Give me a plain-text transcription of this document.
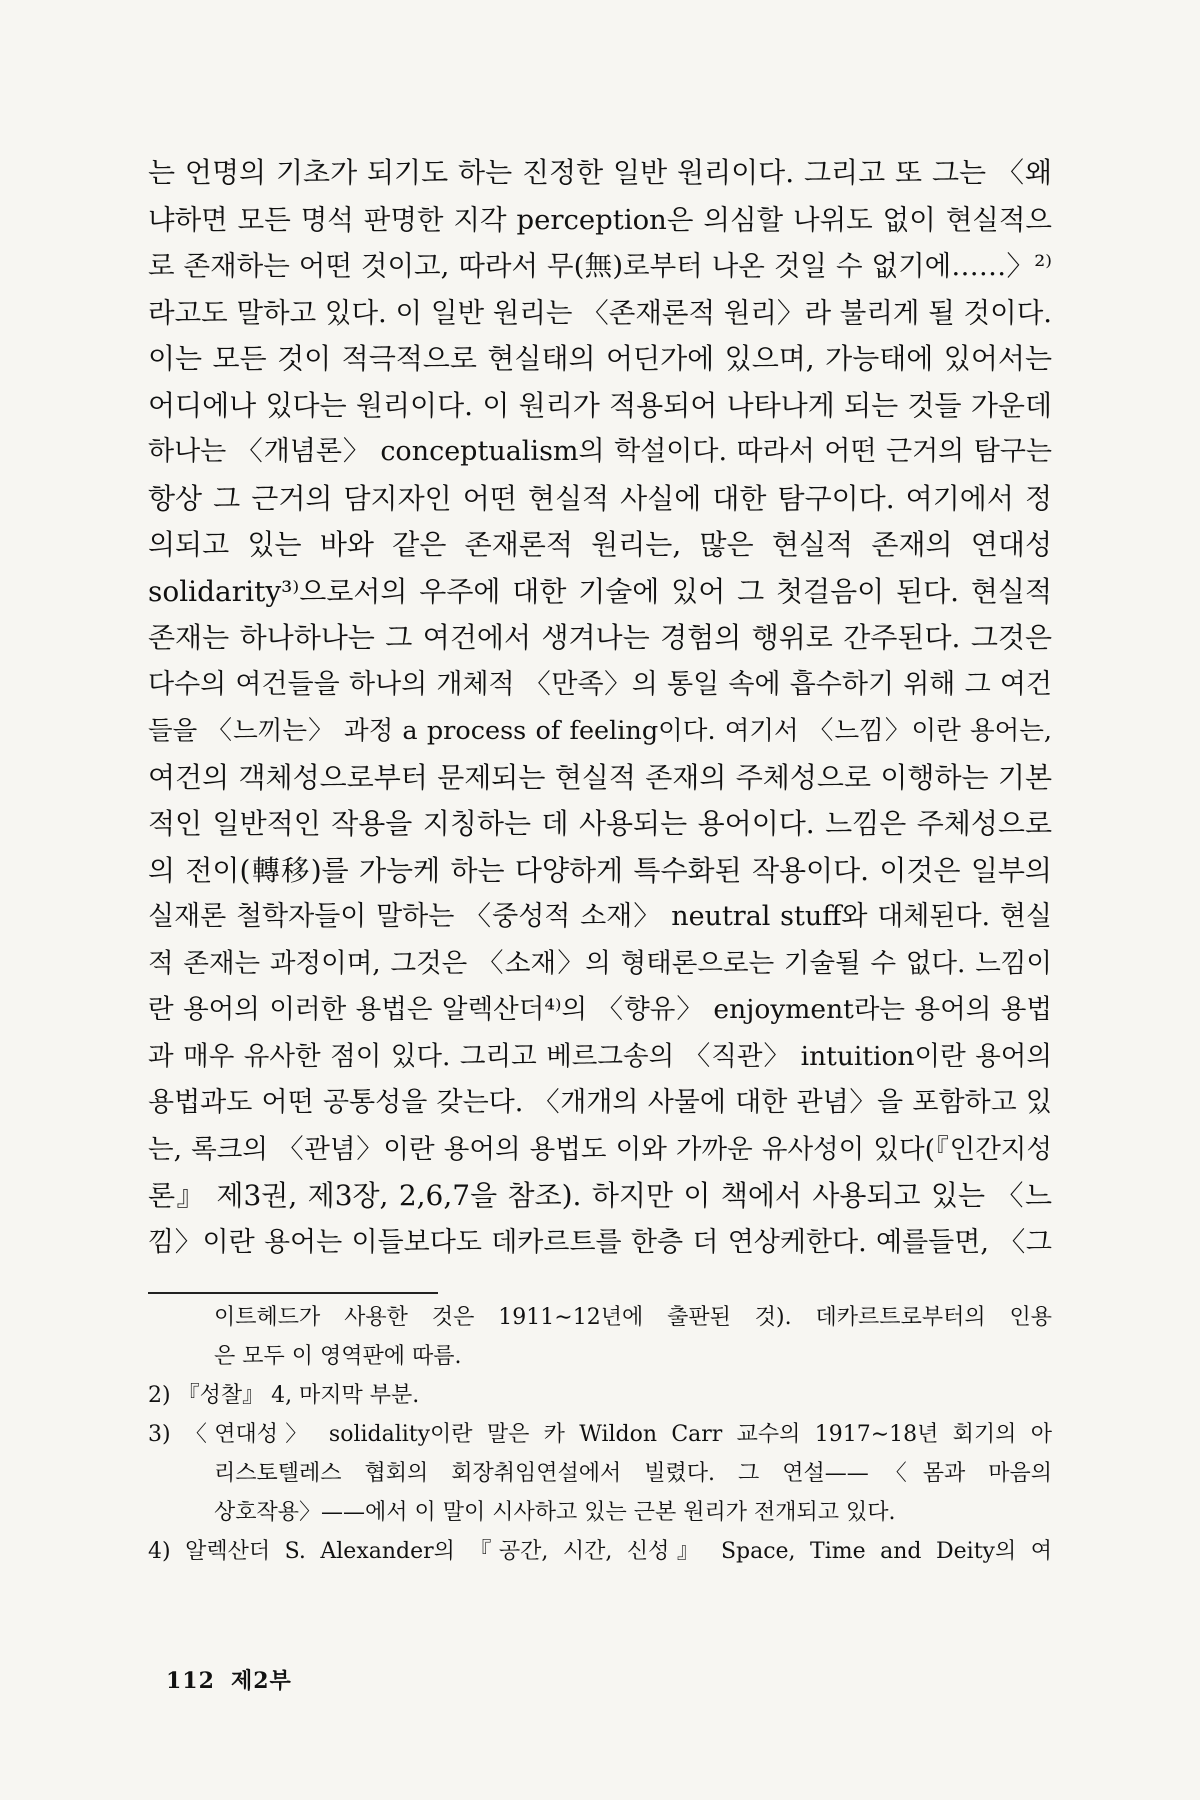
는 언명의 기초가 되기도 하는 진정한 일반 원리이다. 그리고 또 그는 〈왜
냐하면 모든 명석 판명한 지각 perception은 의심할 나위도 없이 현실적으
로 존재하는 어떤 것이고, 따라서 무(無)로부터 나온 것일 수 없기에……〉²⁾
라고도 말하고 있다. 이 일반 원리는 〈존재론적 원리〉라 불리게 될 것이다.
이는 모든 것이 적극적으로 현실태의 어딘가에 있으며, 가능태에 있어서는
어디에나 있다는 원리이다. 이 원리가 적용되어 나타나게 되는 것들 가운데
하나는 〈개념론〉 conceptualism의 학설이다. 따라서 어떤 근거의 탐구는
항상 그 근거의 담지자인 어떤 현실적 사실에 대한 탐구이다. 여기에서 정
의되고 있는 바와 같은 존재론적 원리는, 많은 현실적 존재의 연대성
solidarity³⁾으로서의 우주에 대한 기술에 있어 그 첫걸음이 된다. 현실적
존재는 하나하나는 그 여건에서 생겨나는 경험의 행위로 간주된다. 그것은
다수의 여건들을 하나의 개체적 〈만족〉의 통일 속에 흡수하기 위해 그 여건
들을 〈느끼는〉 과정 a process of feeling이다. 여기서 〈느낌〉이란 용어는,
여건의 객체성으로부터 문제되는 현실적 존재의 주체성으로 이행하는 기본
적인 일반적인 작용을 지칭하는 데 사용되는 용어이다. 느낌은 주체성으로
의 전이(轉移)를 가능케 하는 다양하게 특수화된 작용이다. 이것은 일부의
실재론 철학자들이 말하는 〈중성적 소재〉 neutral stuff와 대체된다. 현실
적 존재는 과정이며, 그것은 〈소재〉의 형태론으로는 기술될 수 없다. 느낌이
란 용어의 이러한 용법은 알렉산더⁴⁾의 〈향유〉 enjoyment라는 용어의 용법
과 매우 유사한 점이 있다. 그리고 베르그송의 〈직관〉 intuition이란 용어의
용법과도 어떤 공통성을 갖는다. 〈개개의 사물에 대한 관념〉을 포함하고 있
는, 록크의 〈관념〉이란 용어의 용법도 이와 가까운 유사성이 있다(『인간지성
론』 제3권, 제3장, 2,6,7을 참조). 하지만 이 책에서 사용되고 있는 〈느
낌〉이란 용어는 이들보다도 데카르트를 한층 더 연상케한다. 예를들면, 〈그
이트헤드가 사용한 것은 1911∼12년에 출판된 것). 데카르트로부터의 인용
은 모두 이 영역판에 따름.
2) 『성찰』 4, 마지막 부분.
3) 〈연대성〉 solidality이란 말은 카 Wildon Carr 교수의 1917∼18년 회기의 아
리스토텔레스 협회의 회장취임연설에서 빌렸다. 그 연설——〈몸과 마음의
상호작용〉——에서 이 말이 시사하고 있는 근본 원리가 전개되고 있다.
4) 알렉산더 S. Alexander의 『공간, 시간, 신성』 Space, Time and Deity의 여
112 제2부
